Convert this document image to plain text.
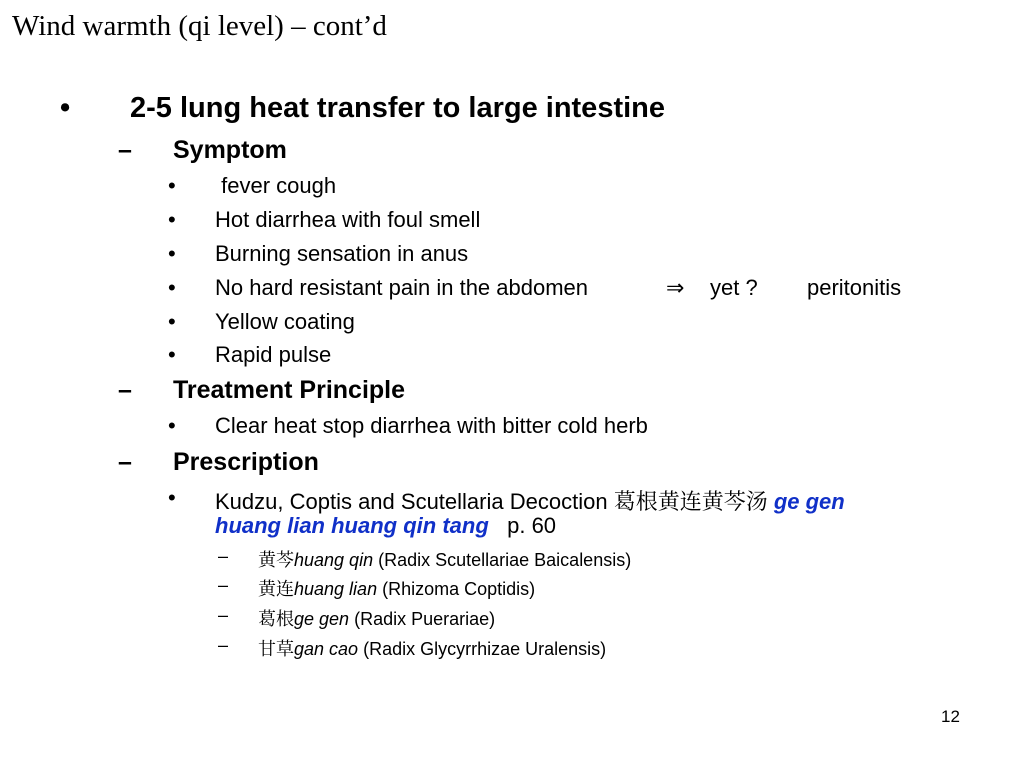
Wind warmth (qi level) – cont’d
• 2-5 lung heat transfer to large intestine
– Symptom
• fever cough
• Hot diarrhea with foul smell
• Burning sensation in anus
• No hard resistant pain in the abdomen	⇒ yet ? peritonitis
• Yellow coating
• Rapid pulse
– Treatment Principle
• Clear heat stop diarrhea with bitter cold herb
– Prescription
• Kudzu, Coptis and Scutellaria Decoction 葛根黄连黄芩汤 ge gen
huang lian huang qin tang p. 60
– 黄芩huang qin (Radix Scutellariae Baicalensis)
– 黄连huang lian (Rhizoma Coptidis)
– 葛根ge gen (Radix Puerariae)
– 甘草gan cao (Radix Glycyrrhizae Uralensis)
12
